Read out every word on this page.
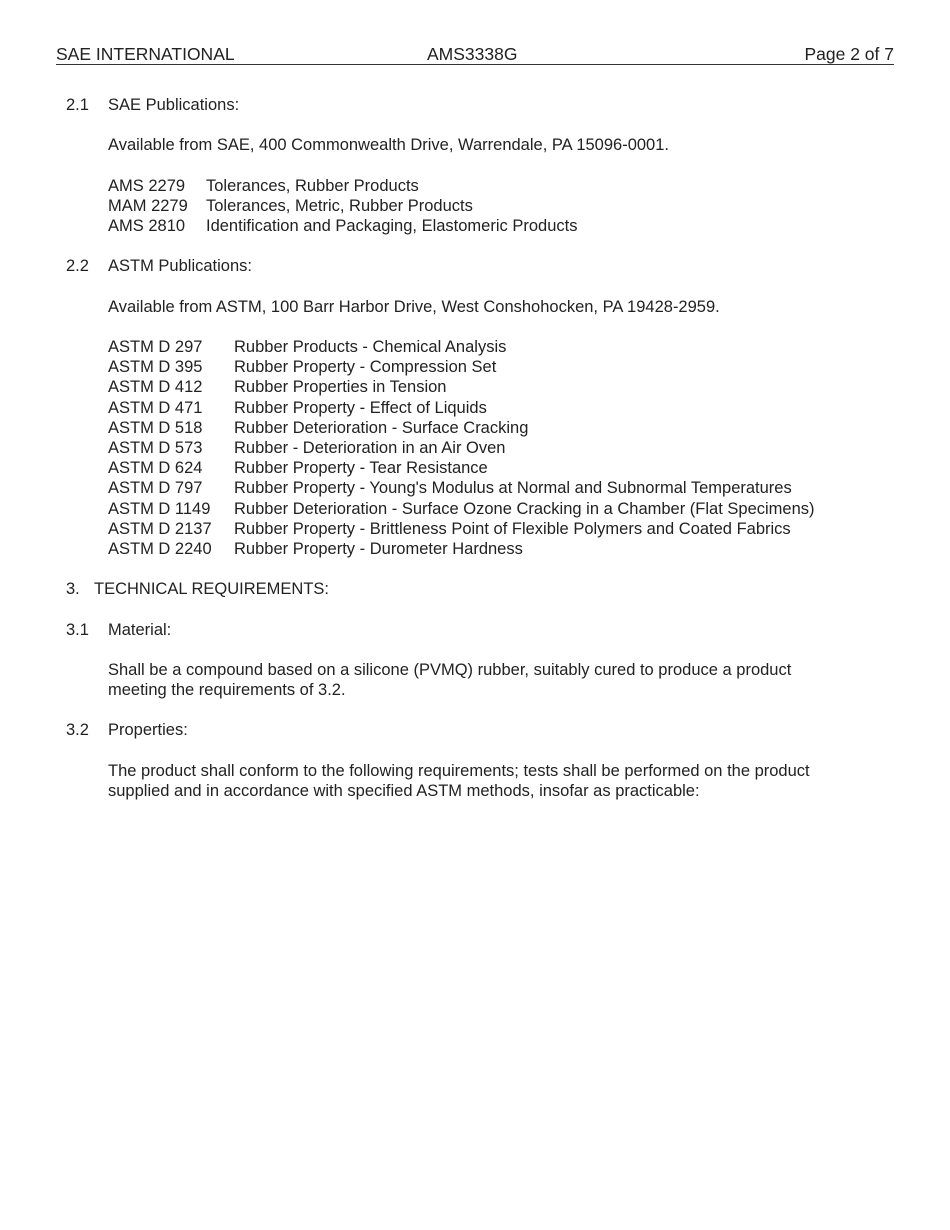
SAE INTERNATIONAL	AMS3338G	Page 2 of 7
2.1 SAE Publications:
Available from SAE, 400 Commonwealth Drive, Warrendale, PA 15096-0001.
AMS 2279 Tolerances, Rubber Products
MAM 2279 Tolerances, Metric, Rubber Products
AMS 2810 Identification and Packaging, Elastomeric Products
2.2 ASTM Publications:
Available from ASTM, 100 Barr Harbor Drive, West Conshohocken, PA 19428-2959.
ASTM D 297 Rubber Products - Chemical Analysis
ASTM D 395 Rubber Property - Compression Set
ASTM D 412 Rubber Properties in Tension
ASTM D 471 Rubber Property - Effect of Liquids
ASTM D 518 Rubber Deterioration - Surface Cracking
ASTM D 573 Rubber - Deterioration in an Air Oven
ASTM D 624 Rubber Property - Tear Resistance
ASTM D 797 Rubber Property - Young's Modulus at Normal and Subnormal Temperatures
ASTM D 1149 Rubber Deterioration - Surface Ozone Cracking in a Chamber (Flat Specimens)
ASTM D 2137 Rubber Property - Brittleness Point of Flexible Polymers and Coated Fabrics
ASTM D 2240 Rubber Property - Durometer Hardness
3. TECHNICAL REQUIREMENTS:
3.1 Material:
Shall be a compound based on a silicone (PVMQ) rubber, suitably cured to produce a product
meeting the requirements of 3.2.
3.2 Properties:
The product shall conform to the following requirements; tests shall be performed on the product
supplied and in accordance with specified ASTM methods, insofar as practicable:
